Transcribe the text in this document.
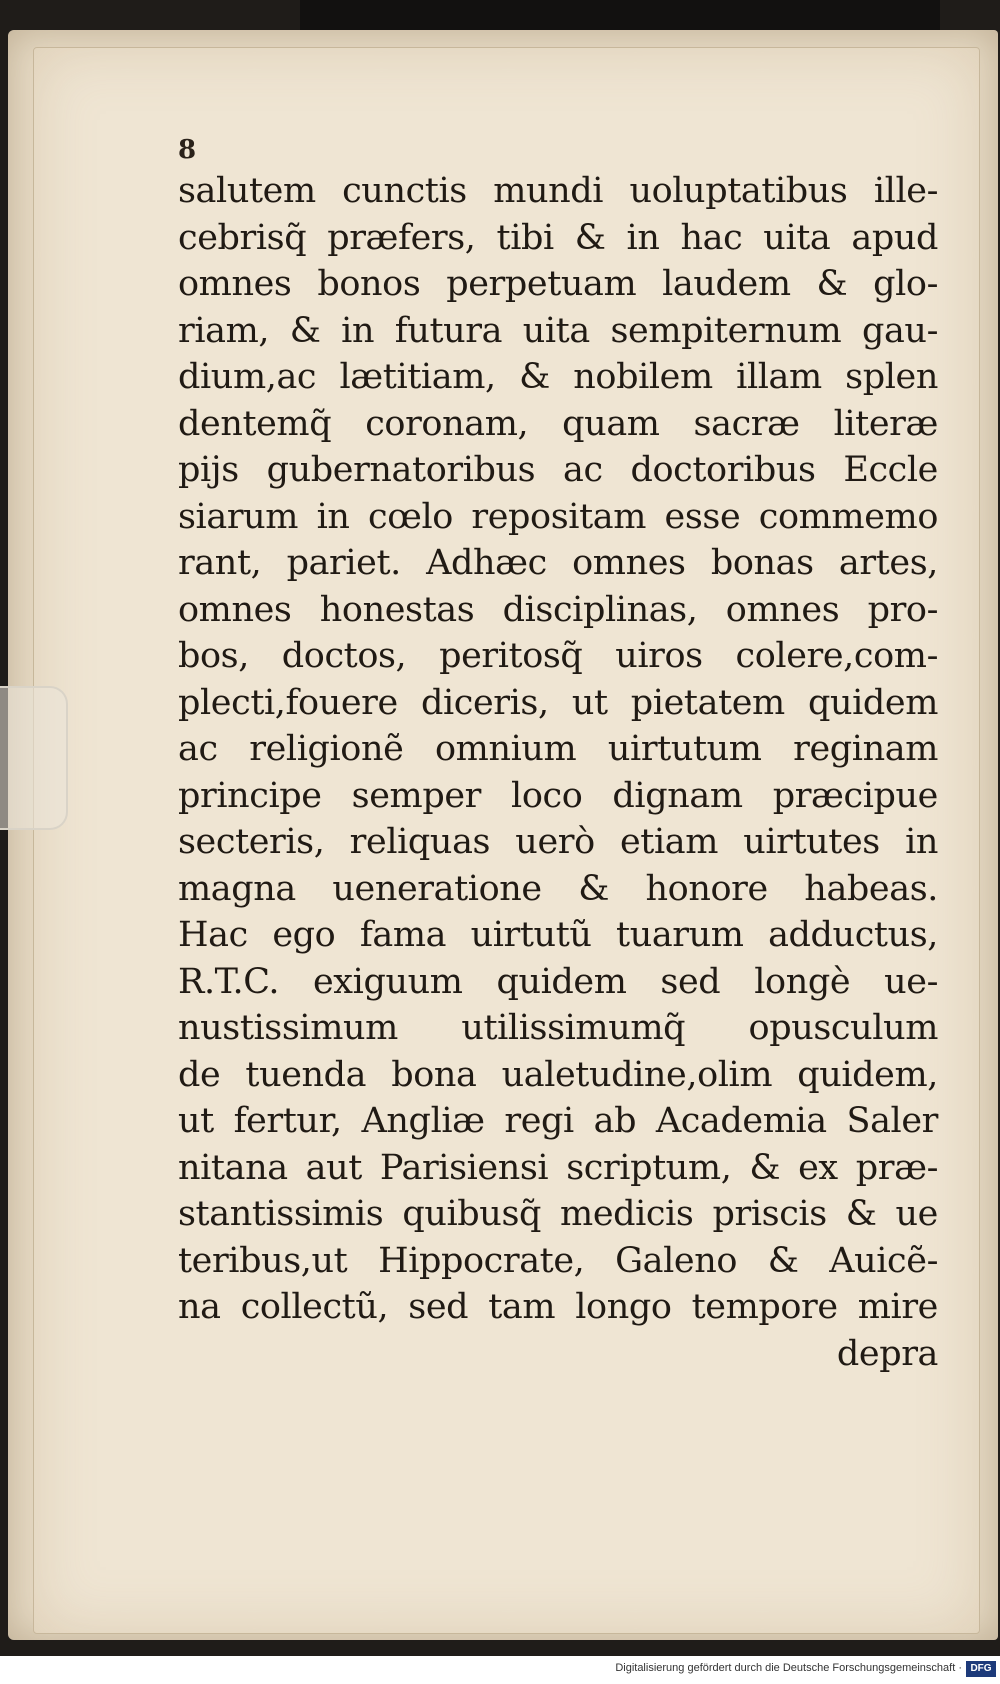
8
salutem cunctis mundi uoluptatibus ille-
cebrisq̃ præfers, tibi & in hac uita apud
omnes bonos perpetuam laudem & glo-
riam, & in futura uita sempiternum gau-
dium,ac lætitiam, & nobilem illam splen
dentemq̃ coronam, quam sacræ literæ
pijs gubernatoribus ac doctoribus Eccle
siarum in cœlo repositam esse commemo
rant, pariet. Adhæc omnes bonas artes,
omnes honestas disciplinas, omnes pro-
bos, doctos, peritosq̃ uiros colere,com-
plecti,fouere diceris, ut pietatem quidem
ac religionẽ omnium uirtutum reginam
principe semper loco dignam præcipue
secteris, reliquas uerò etiam uirtutes in
magna ueneratione & honore habeas.
Hac ego fama uirtutũ tuarum adductus,
R.T.C. exiguum quidem sed longè ue-
nustissimum utilissimumq̃ opusculum
de tuenda bona ualetudine,olim quidem,
ut fertur, Angliæ regi ab Academia Saler
nitana aut Parisiensi scriptum, & ex præ-
stantissimis quibusq̃ medicis priscis & ue
teribus,ut Hippocrate, Galeno & Auicẽ-
na collectũ, sed tam longo tempore mire
depra
Digitalisierung gefördert durch die Deutsche Forschungsgemeinschaft · DFG
